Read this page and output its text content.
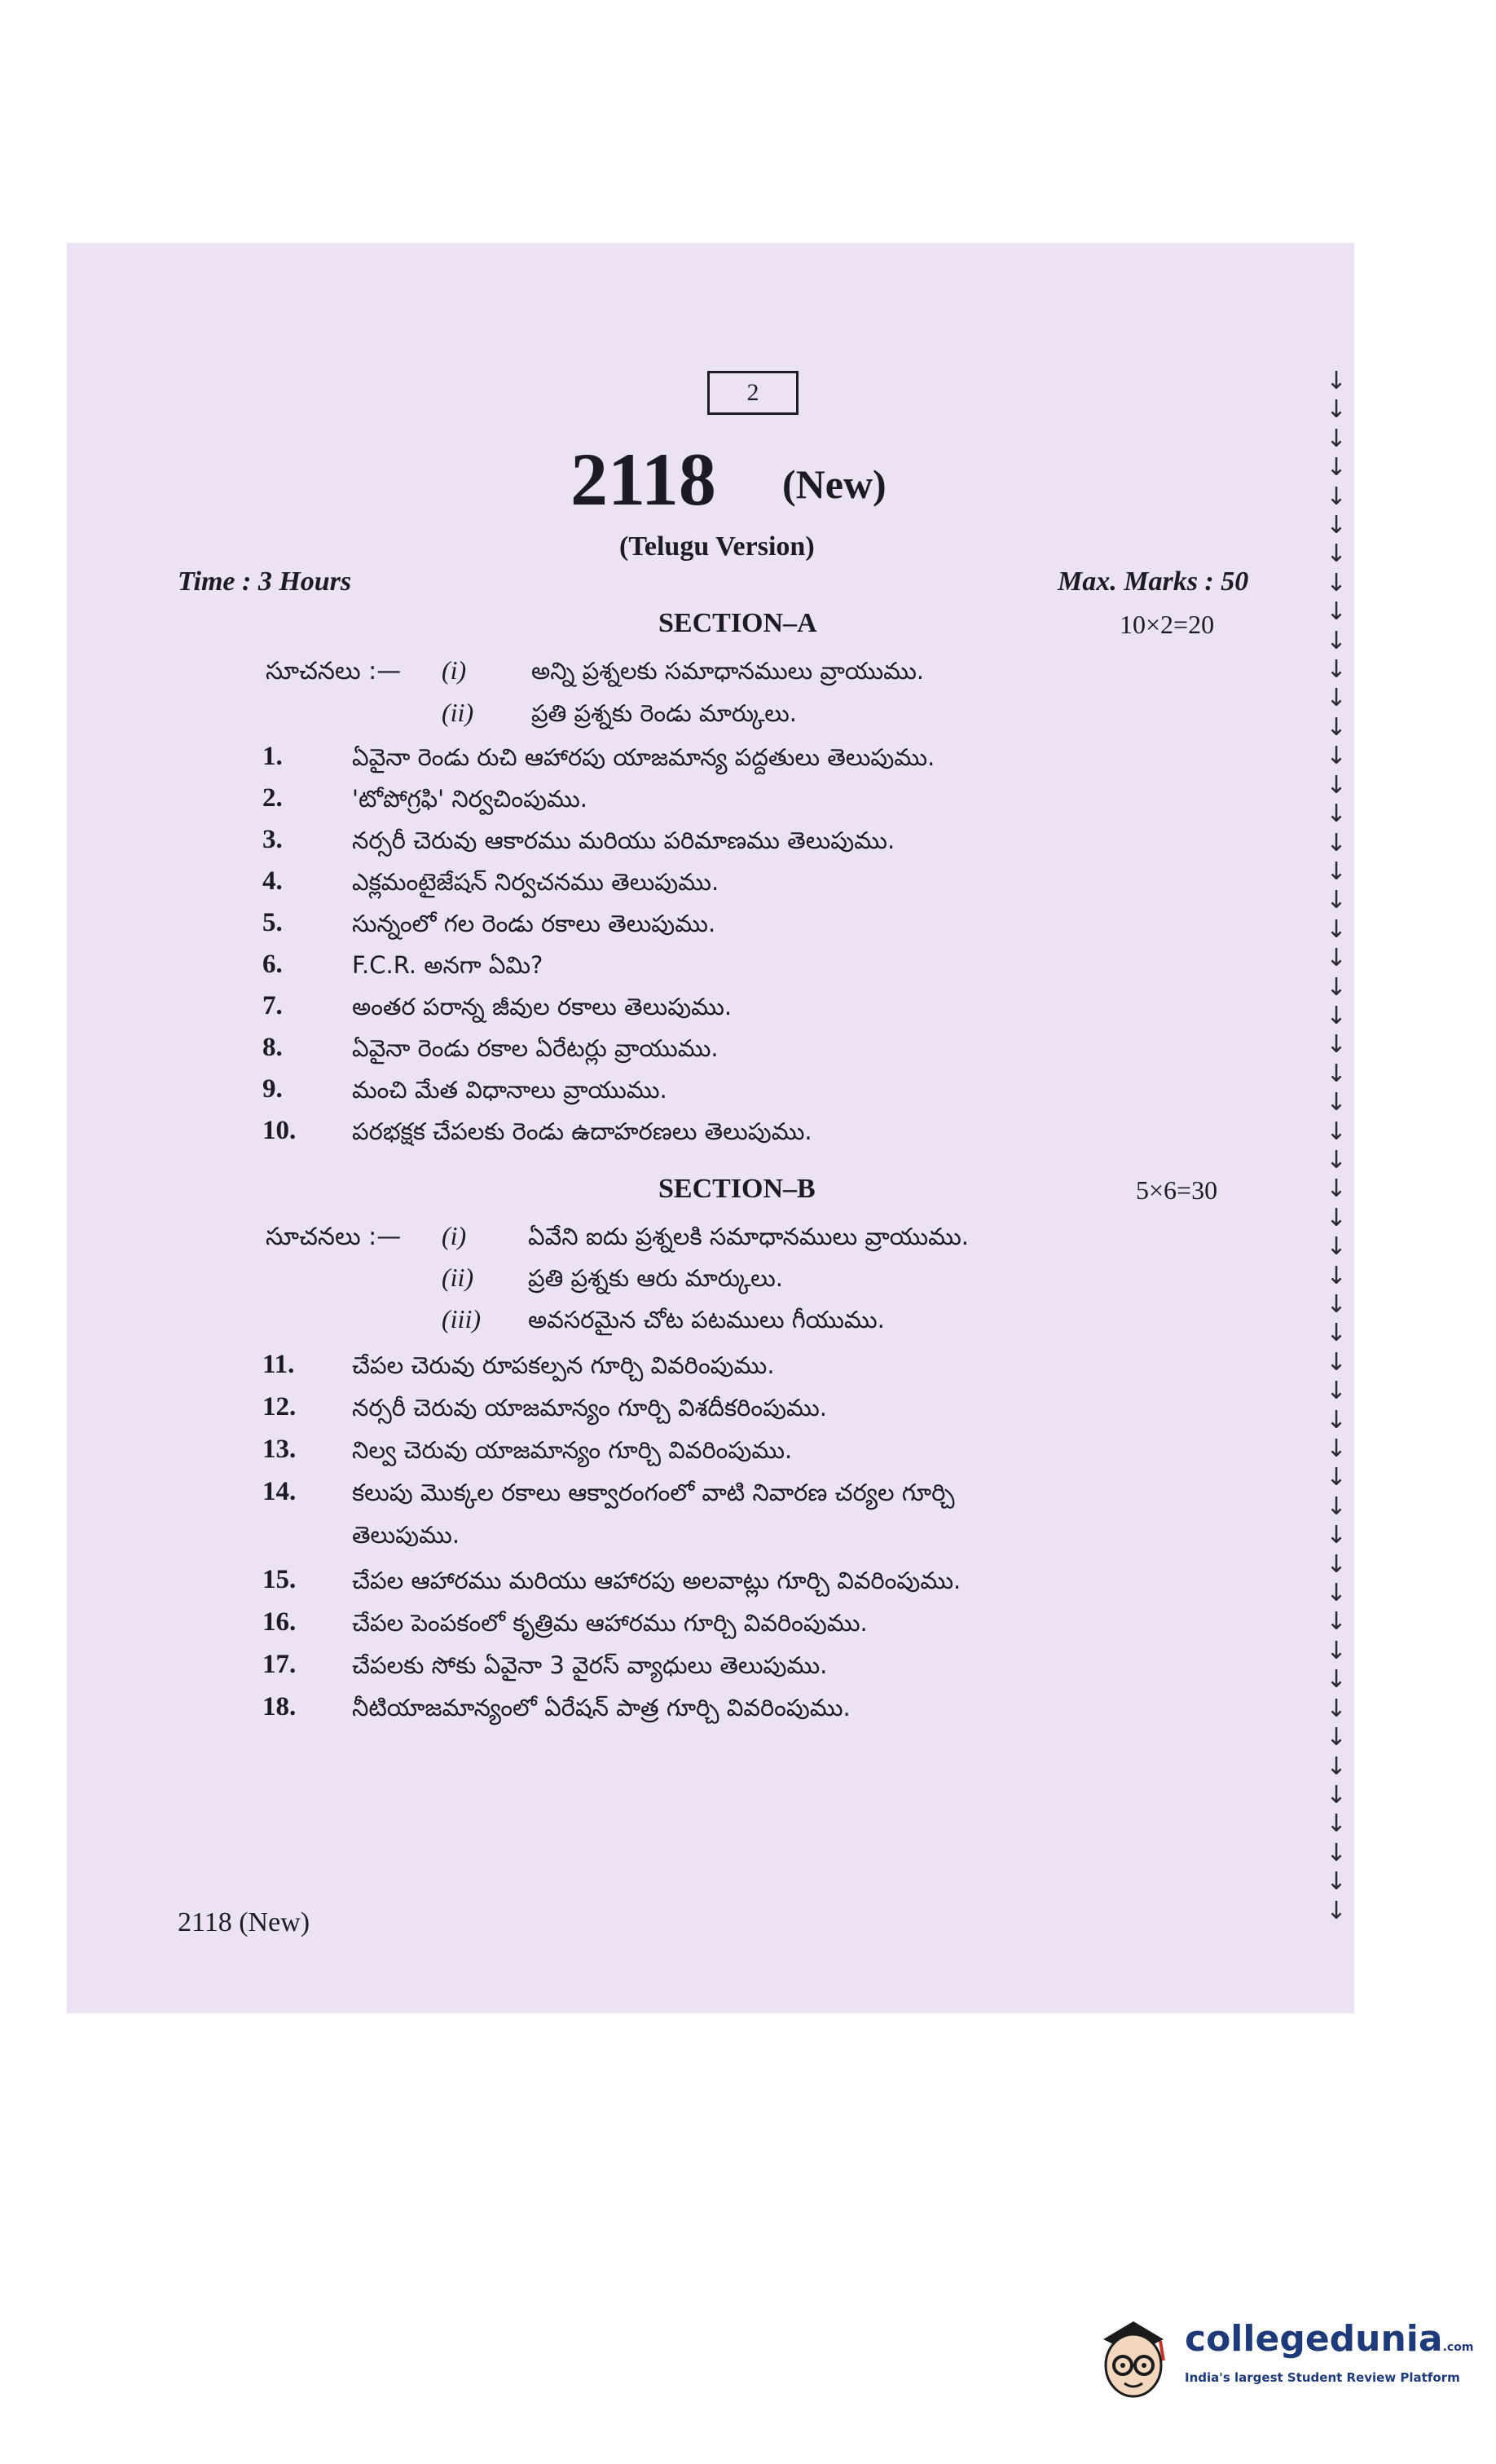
2
2118 (New)
(Telugu Version)
Time : 3 Hours	Max. Marks : 50
SECTION–A	10×2=20
సూచనలు :— (i)	అన్ని ప్రశ్నలకు సమాధానములు వ్రాయుము.
(ii) ప్రతి ప్రశ్నకు రెండు మార్కులు.
1.	ఏవైనా రెండు రుచి ఆహారపు యాజమాన్య పద్దతులు తెలుపుము.
2.	'టోపోగ్రఫి' నిర్వచింపుము.
3.	నర్సరీ చెరువు ఆకారము మరియు పరిమాణము తెలుపుము.
4.	ఎక్లమంటైజేషన్ నిర్వచనము తెలుపుము.
5.	సున్నంలో గల రెండు రకాలు తెలుపుము.
6.	F.C.R. అనగా ఏమి?
7.	అంతర పరాన్న జీవుల రకాలు తెలుపుము.
8.	ఏవైనా రెండు రకాల ఏరేటర్లు వ్రాయుము.
9.	మంచి మేత విధానాలు వ్రాయుము.
10. పరభక్షక చేపలకు రెండు ఉదాహరణలు తెలుపుము.
SECTION–B	5×6=30
సూచనలు :— (i)	ఏవేని ఐదు ప్రశ్నలకి సమాధానములు వ్రాయుము.
(ii) ప్రతి ప్రశ్నకు ఆరు మార్కులు.
(iii) అవసరమైన చోట పటములు గీయుము.
11. చేపల చెరువు రూపకల్పన గూర్చి వివరింపుము.
12. నర్సరీ చెరువు యాజమాన్యం గూర్చి విశదీకరింపుము.
13. నిల్వ చెరువు యాజమాన్యం గూర్చి వివరింపుము.
14. కలుపు మొక్కల రకాలు ఆక్వారంగంలో వాటి నివారణ చర్యల గూర్చి
తెలుపుము.
15. చేపల ఆహారము మరియు ఆహారపు అలవాట్లు గూర్చి వివరింపుము.
16. చేపల పెంపకంలో కృత్రిమ ఆహారము గూర్చి వివరింపుము.
17. చేపలకు సోకు ఏవైనా 3 వైరస్ వ్యాధులు తెలుపుము.
18. నీటియాజమాన్యంలో ఏరేషన్ పాత్ర గూర్చి వివరింపుము.
↓
↓
↓
↓
↓
↓
↓
↓
↓
↓
↓
↓
↓
↓
↓
↓
↓
↓
↓
↓
↓
↓
↓
↓
↓
↓
↓
↓
↓
↓
↓
↓
↓
↓
↓
↓
↓
↓
↓
↓
↓
↓
↓
↓
↓
↓
↓
↓
↓
↓
↓
↓
↓
↓
2118 (New)
collegedunia.com
India's largest Student Review Platform
